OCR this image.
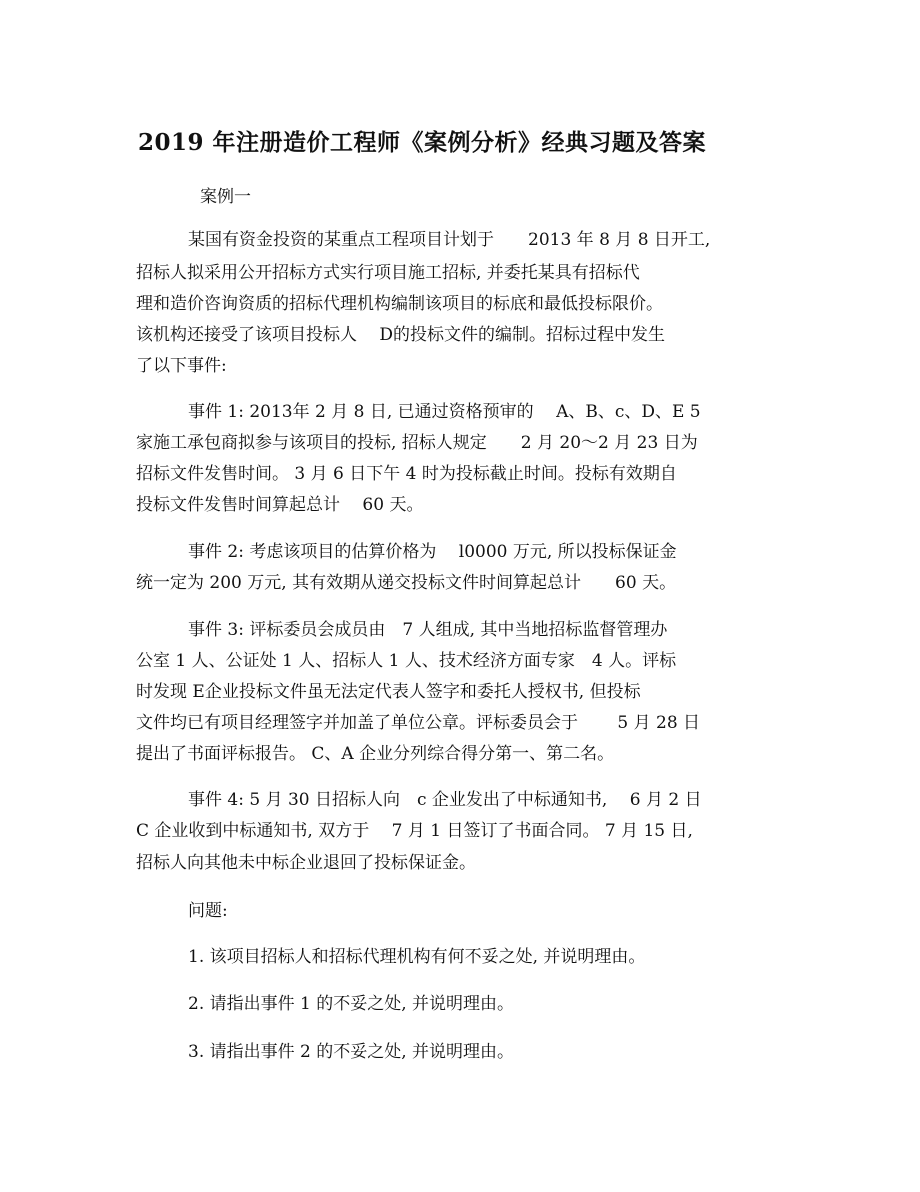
2019 年注册造价工程师《案例分析》经典习题及答案
案例一
某国有资金投资的某重点工程项目计划于　　2013 年 8 月 8 日开工,
招标人拟采用公开招标方式实行项目施工招标, 并委托某具有招标代
理和造价咨询资质的招标代理机构编制该项目的标底和最低投标限价。
该机构还接受了该项目投标人　 D的投标文件的编制。招标过程中发生
了以下事件:
事件 1: 2013年 2 月 8 日, 已通过资格预审的　 A、B、c、D、E 5
家施工承包商拟参与该项目的投标, 招标人规定　　2 月 20～2 月 23 日为
招标文件发售时间。 3 月 6 日下午 4 时为投标截止时间。投标有效期自
投标文件发售时间算起总计　 60 天。
事件 2: 考虑该项目的估算价格为　 l0000 万元, 所以投标保证金
统一定为 200 万元, 其有效期从递交投标文件时间算起总计　　60 天。
事件 3: 评标委员会成员由　7 人组成, 其中当地招标监督管理办
公室 1 人、公证处 1 人、招标人 1 人、技术经济方面专家　4 人。评标
时发现 E企业投标文件虽无法定代表人签字和委托人授权书, 但投标
文件均已有项目经理签字并加盖了单位公章。评标委员会于　　 5 月 28 日
提出了书面评标报告。 C、A 企业分列综合得分第一、第二名。
事件 4: 5 月 30 日招标人向　c 企业发出了中标通知书,　 6 月 2 日
C 企业收到中标通知书, 双方于　 7 月 1 日签订了书面合同。 7 月 15 日,
招标人向其他未中标企业退回了投标保证金。
问题:
1. 该项目招标人和招标代理机构有何不妥之处, 并说明理由。
2. 请指出事件 1 的不妥之处, 并说明理由。
3. 请指出事件 2 的不妥之处, 并说明理由。
